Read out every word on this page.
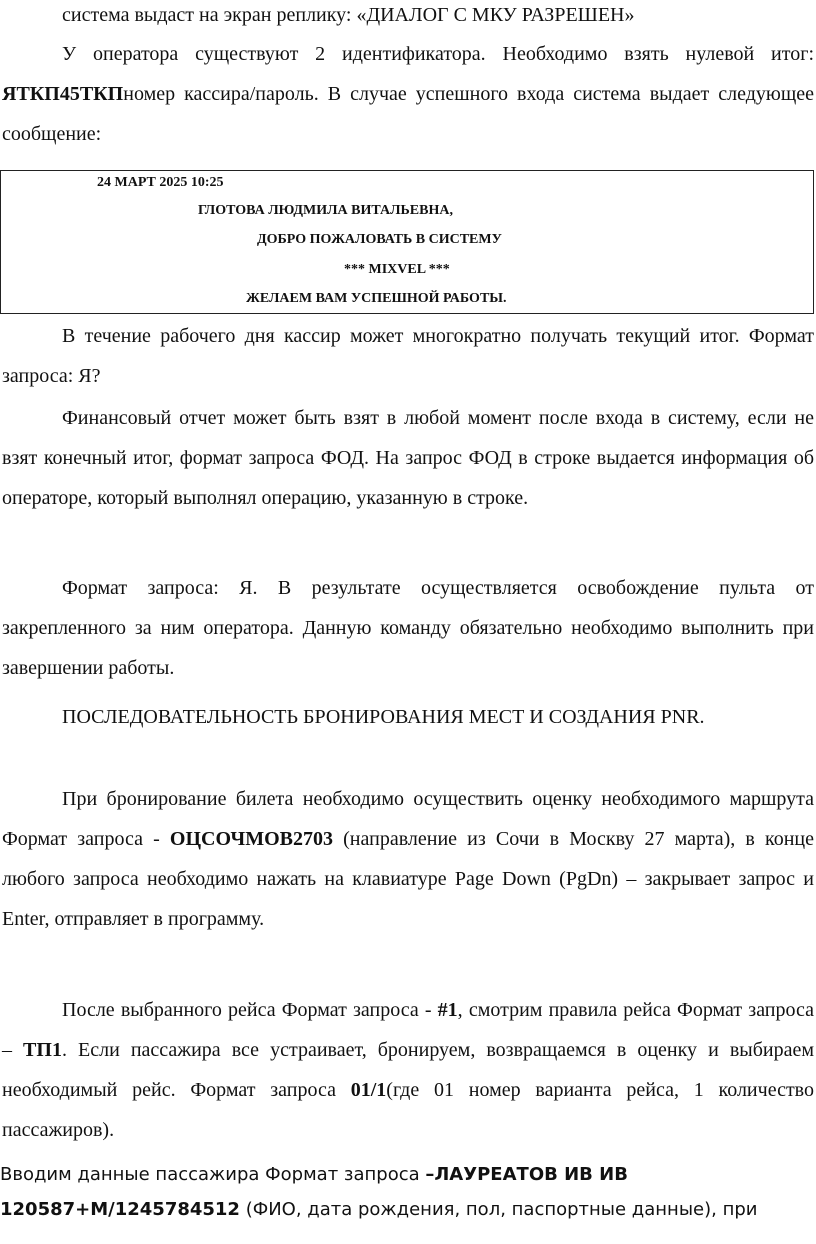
система выдаст на экран реплику: «ДИАЛОГ С МКУ РАЗРЕШЕН»

У оператора существуют 2 идентификатора. Необходимо взять нулевой итог: ЯТКП45ТКПномер кассира/пароль. В случае успешного входа система выдает следующее сообщение:

24 МАРТ 2025 10:25
ГЛОТОВА ЛЮДМИЛА ВИТАЛЬЕВНА,
ДОБРО ПОЖАЛОВАТЬ В СИСТЕМУ
*** MIXVEL ***
ЖЕЛАЕМ ВАМ УСПЕШНОЙ РАБОТЫ.

В течение рабочего дня кассир может многократно получать текущий итог. Формат запроса: Я?

Финансовый отчет может быть взят в любой момент после входа в систему, если не взят конечный итог, формат запроса ФОД. На запрос ФОД в строке выдается информация об операторе, который выполнял операцию, указанную в строке.

Формат запроса: Я. В результате осуществляется освобождение пульта от закрепленного за ним оператора. Данную команду обязательно необходимо выполнить при завершении работы.

ПОСЛЕДОВАТЕЛЬНОСТЬ БРОНИРОВАНИЯ МЕСТ И СОЗДАНИЯ PNR.

При бронирование билета необходимо осуществить оценку необходимого маршрута Формат запроса - ОЦСОЧМОВ2703 (направление из Сочи в Москву 27 марта), в конце любого запроса необходимо нажать на клавиатуре Page Down (PgDn) – закрывает запрос и Enter, отправляет в программу.

После выбранного рейса Формат запроса - #1, смотрим правила рейса Формат запроса – ТП1. Если пассажира все устраивает, бронируем, возвращаемся в оценку и выбираем необходимый рейс. Формат запроса 01/1(где 01 номер варианта рейса, 1 количество пассажиров).

Вводим данные пассажира Формат запроса –ЛАУРЕАТОВ ИВ ИВ
120587+М/1245784512 (ФИО, дата рождения, пол, паспортные данные), при
